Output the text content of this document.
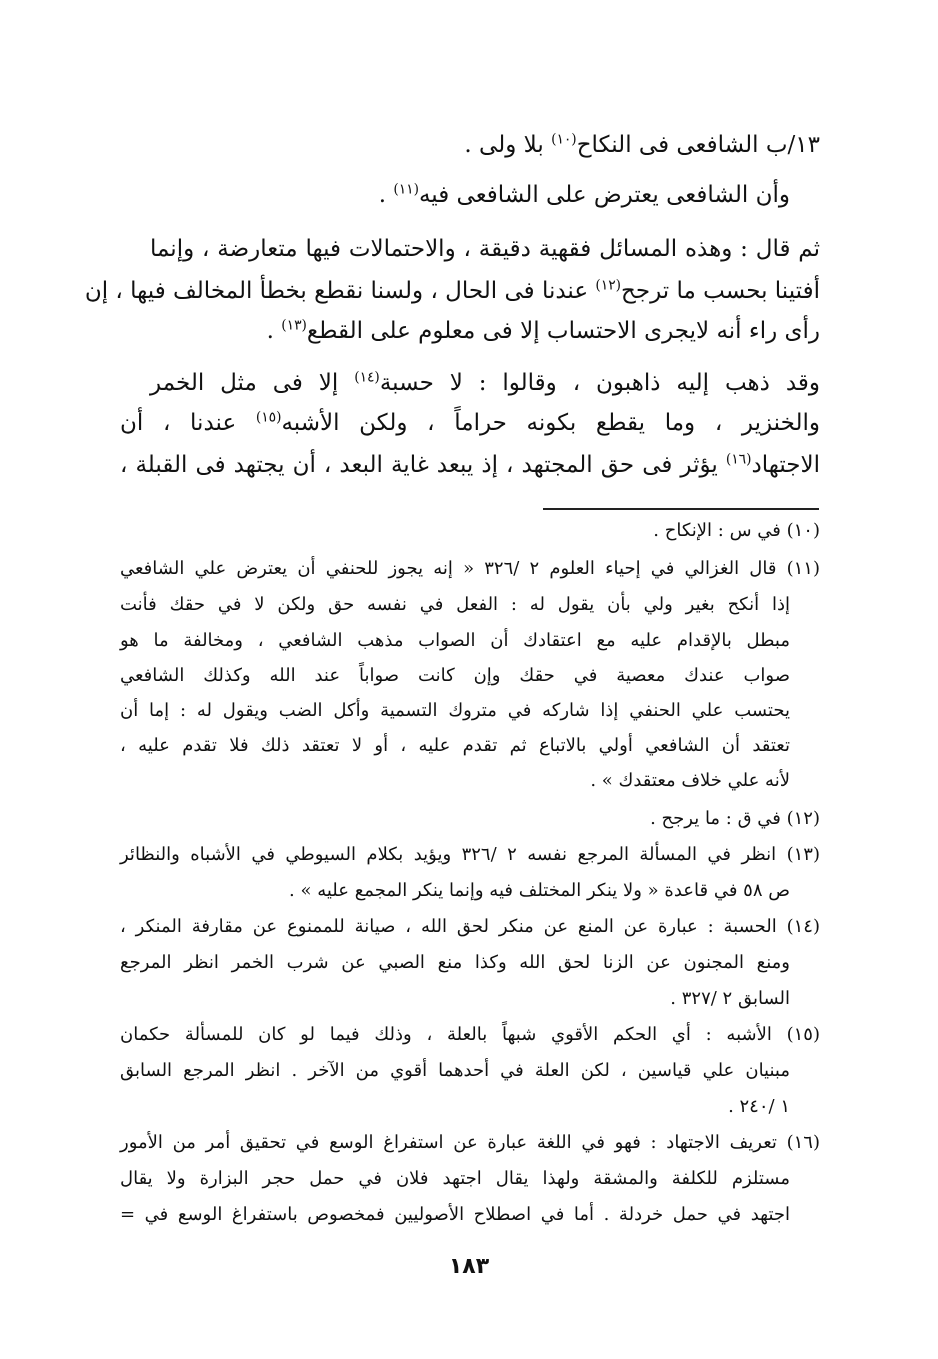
١٣/ب الشافعى فى النكاح$^{(١٠)}$ بلا ولى .
وأن الشافعى يعترض على الشافعى فيه$^{(١١)}$ .
ثم قال : وهذه المسائل فقهية دقيقة ، والاحتمالات فيها متعارضة ، وإنما
أفتينا بحسب ما ترجح$^{(١٢)}$ عندنا فى الحال ، ولسنا نقطع بخطأ المخالف فيها ، إن
رأى راء أنه لايجرى الاحتساب إلا فى معلوم على القطع$^{(١٣)}$ .
وقد ذهب إليه ذاهبون ، وقالوا : لا حسبة$^{(١٤)}$ إلا فى مثل الخمر
والخنزير ، وما يقطع بكونه حراماً ، ولكن الأشبه$^{(١٥)}$ عندنا ، أن
الاجتهاد$^{(١٦)}$ يؤثر فى حق المجتهد ، إذ يبعد غاية البعد ، أن يجتهد فى القبلة ،
(١٠) في س : الإنكاح .
(١١) قال الغزالي في إحياء العلوم ٢ /٣٢٦ « إنه يجوز للحنفي أن يعترض علي الشافعي
إذا أنكح بغير ولي بأن يقول له : الفعل في نفسه حق ولكن لا في حقك فأنت
مبطل بالإقدام عليه مع اعتقادك أن الصواب مذهب الشافعي ، ومخالفة ما هو
صواب عندك معصية في حقك وإن كانت صواباً عند الله وكذلك الشافعي
يحتسب علي الحنفي إذا شاركه في متروك التسمية وأكل الضب ويقول له : إما أن
تعتقد أن الشافعي أولي بالاتباع ثم تقدم عليه ، أو لا تعتقد ذلك فلا تقدم عليه ،
لأنه علي خلاف معتقدك » .
(١٢) في ق : ما يرجح .
(١٣) انظر في المسألة المرجع نفسه ٢ /٣٢٦ ويؤيد بكلام السيوطي في الأشباه والنظائر
ص ٥٨ في قاعدة « ولا ينكر المختلف فيه وإنما ينكر المجمع عليه » .
(١٤) الحسبة : عبارة عن المنع عن منكر لحق الله ، صيانة للممنوع عن مقارفة المنكر ،
ومنع المجنون عن الزنا لحق الله وكذا منع الصبي عن شرب الخمر انظر المرجع
السابق ٢ /٣٢٧ .
(١٥) الأشبه : أي الحكم الأقوي شبهاً بالعلة ، وذلك فيما لو كان للمسألة حكمان
مبنيان علي قياسين ، لكن العلة في أحدهما أقوي من الآخر . انظر المرجع السابق
١ /٢٤٠ .
(١٦) تعريف الاجتهاد : فهو في اللغة عبارة عن استفراغ الوسع في تحقيق أمر من الأمور
مستلزم للكلفة والمشقة ولهذا يقال اجتهد فلان في حمل حجر البزارة ولا يقال
اجتهد في حمل خردلة . أما في اصطلاح الأصوليين فمخصوص باستفراغ الوسع في =
١٨٣
